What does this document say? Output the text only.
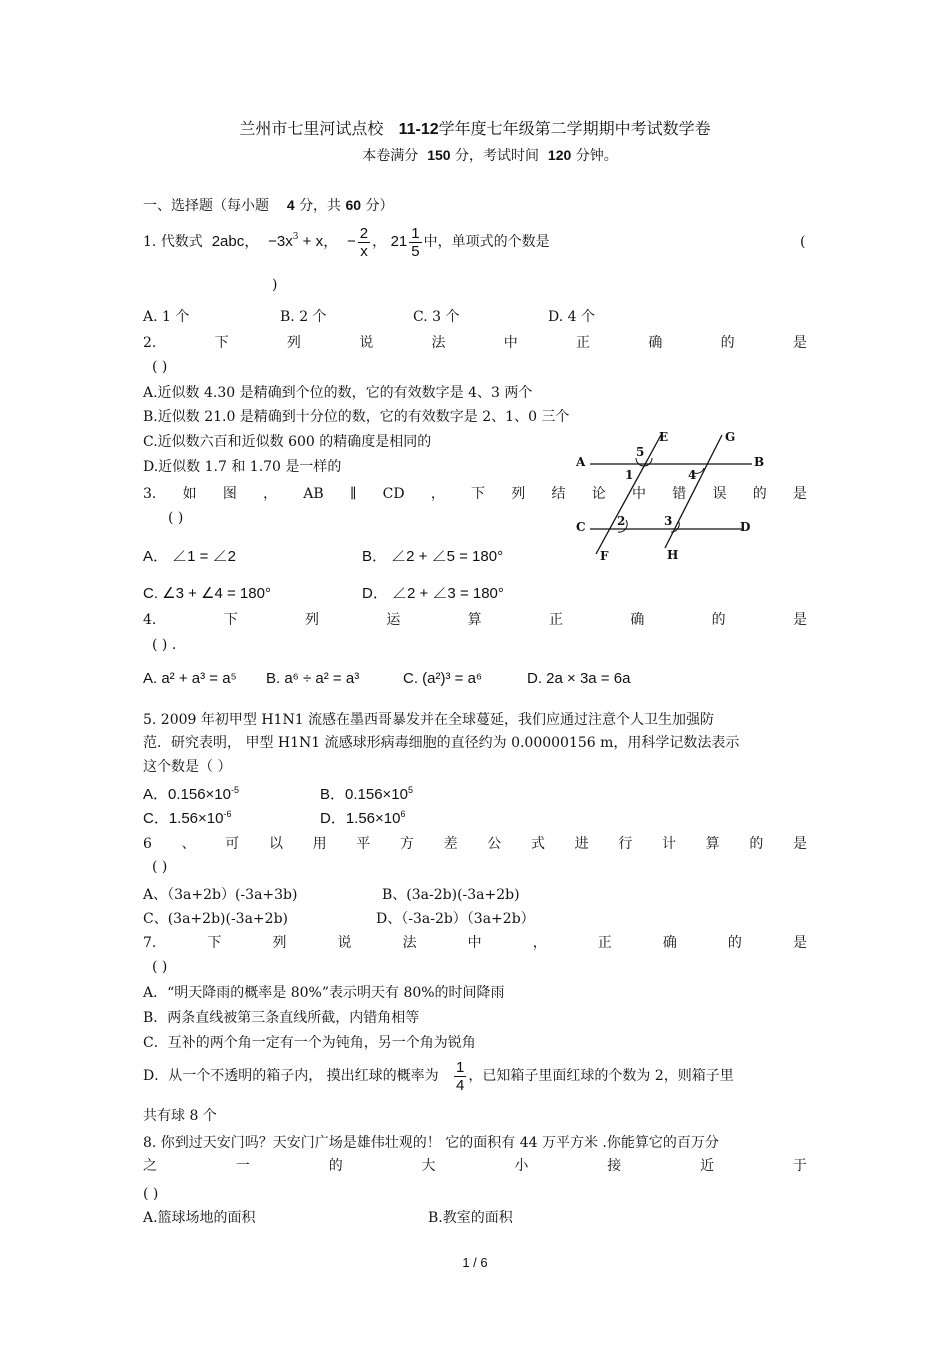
兰州市七里河试点校 11-12学年度七年级第二学期期中考试数学卷
本卷满分 150 分，考试时间 120 分钟。
一、选择题（每小题 4 分，共 60 分）
1. 代数式 2abc， $-3x^3 + x$， − $\frac{2}{x}$ ， $21 \frac{1}{5}$ 中，单项式的个数是	(
)
A. 1 个	B. 2 个	C. 3 个	D. 4 个
2.	下	列	说	法	中	正	确	的	是
( )
A.近似数 4.30 是精确到个位的数，它的有效数字是 4、3 两个
B.近似数 21.0 是精确到十分位的数，它的有效数字是 2、1、0 三个
C.近似数六百和近似数 600 的精确度是相同的
D.近似数 1.7 和 1.70 是一样的	A	B
C	D
E
F
G
H
1
2	3
4
5
3. 如 图 ， AB ∥ CD ， 下 列 结 论 中 错 误 的 是
( )
A． ∠1 = ∠2	B． ∠2 + ∠5 = 180°
C. ∠3 + ∠4 = 180°	D． ∠2 + ∠3 = 180°
4.	下	列	运	算	正	确	的	是
( ) .
A. a² + a³ = a⁵ B. a⁶ ÷ a² = a³	C. (a²)³ = a⁶	D. 2a × 3a = 6a
5. 2009 年初甲型 H1N1 流感在墨西哥暴发并在全球蔓延，我们应通过注意个人卫生加强防
范．研究表明， 甲型 H1N1 流感球形病毒细胞的直径约为 0.00000156 m，用科学记数法表示
这个数是（ ）
A．$0.156\times 10^{-5}$	B．$0.156\times 10^5$
C．$1.56\times 10^{-6}$	D．$1.56\times 10^6$
6 、 可 以 用 平 方 差 公 式 进 行 计 算 的 是
( )
A、（3a+2b）(-3a+3b)	B、(3a-2b)(-3a+2b)
C、(3a+2b)(-3a+2b)	D、（-3a-2b）（3a+2b）
7.	下	列	说	法	中	，	正	确	的	是
( )
A．“明天降雨的概率是 80%”表示明天有 80%的时间降雨
B．两条直线被第三条直线所截，内错角相等
C．互补的两个角一定有一个为钝角，另一个角为锐角
D．从一个不透明的箱子内， 摸出红球的概率为
$\frac{1}{4}$ ，已知箱子里面红球的个数为 2，则箱子里
共有球 8 个
8. 你到过天安门吗？天安门广场是雄伟壮观的！ 它的面积有 44 万平方米 .你能算它的百万分
之	一	的	大	小	接	近	于
( )
A.篮球场地的面积	B.教室的面积
1 / 6
